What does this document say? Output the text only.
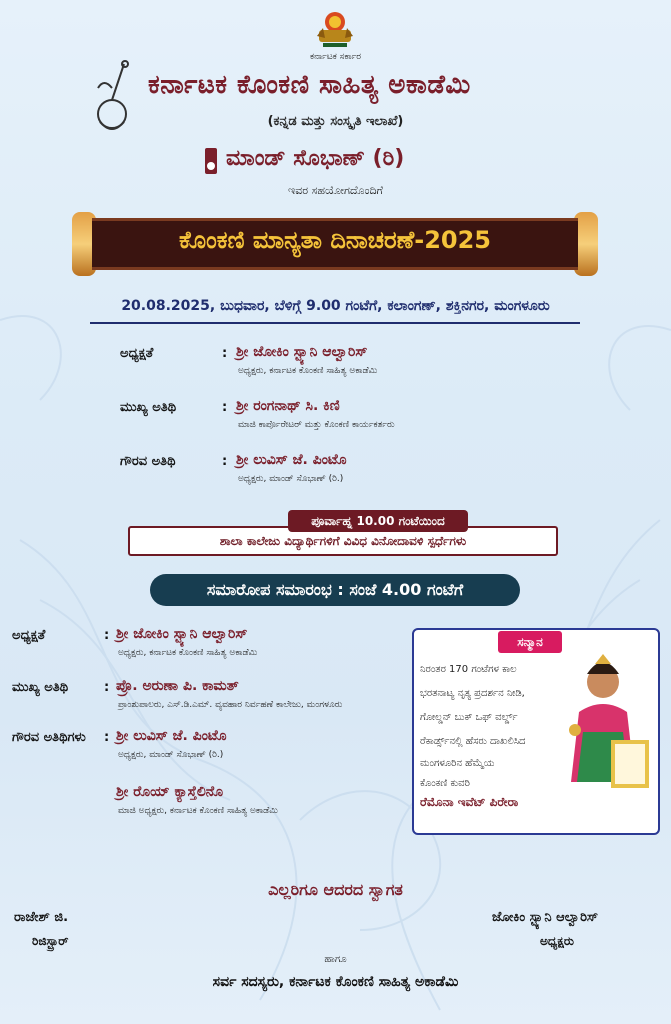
ಕರ್ನಾಟಕ ಸರ್ಕಾರ
ಕರ್ನಾಟಕ ಕೊಂಕಣಿ ಸಾಹಿತ್ಯ ಅಕಾಡೆಮಿ
(ಕನ್ನಡ ಮತ್ತು ಸಂಸ್ಕೃತಿ ಇಲಾಖೆ)
ಮಾಂಡ್ ಸೊಭಾಣ್ (ರಿ)
ಇವರ ಸಹಯೋಗದೊಂದಿಗೆ
ಕೊಂಕಣಿ ಮಾನ್ಯತಾ ದಿನಾಚರಣೆ-2025
20.08.2025, ಬುಧವಾರ, ಬೆಳಿಗ್ಗೆ 9.00 ಗಂಟೆಗೆ, ಕಲಾಂಗಣ್, ಶಕ್ತಿನಗರ, ಮಂಗಳೂರು
ಅಧ್ಯಕ್ಷತೆ	: ಶ್ರೀ ಜೋಕಿಂ ಸ್ಟ್ಯಾನಿ ಆಲ್ವಾರಿಸ್
ಅಧ್ಯಕ್ಷರು, ಕರ್ನಾಟಕ ಕೊಂಕಣಿ ಸಾಹಿತ್ಯ ಅಕಾಡೆಮಿ
ಮುಖ್ಯ ಅತಿಥಿ	: ಶ್ರೀ ರಂಗನಾಥ್ ಸಿ. ಕಿಣಿ
ಮಾಜಿ ಕಾರ್ಪೊರೇಟರ್ ಮತ್ತು ಕೊಂಕಣಿ ಕಾರ್ಯಕರ್ತರು
ಗೌರವ ಅತಿಥಿ	: ಶ್ರೀ ಲುವಿಸ್ ಜೆ. ಪಿಂಟೊ
ಅಧ್ಯಕ್ಷರು, ಮಾಂಡ್ ಸೊಭಾಣ್ (ರಿ.)
ಶಾಲಾ ಕಾಲೇಜು ವಿದ್ಯಾರ್ಥಿಗಳಿಗೆ ವಿವಿಧ ವಿನೋದಾವಳಿ ಸ್ಪರ್ಧೆಗಳು
ಪೂರ್ವಾಹ್ನ 10.00 ಗಂಟೆಯಿಂದ
ಸಮಾರೋಪ ಸಮಾರಂಭ : ಸಂಜೆ 4.00 ಗಂಟೆಗೆ
ಅಧ್ಯಕ್ಷತೆ	: ಶ್ರೀ ಜೋಕಿಂ ಸ್ಟ್ಯಾನಿ ಆಲ್ವಾರಿಸ್
ಅಧ್ಯಕ್ಷರು, ಕರ್ನಾಟಕ ಕೊಂಕಣಿ ಸಾಹಿತ್ಯ ಅಕಾಡೆಮಿ
ಮುಖ್ಯ ಅತಿಥಿ	: ಪ್ರೊ. ಅರುಣಾ ಪಿ. ಕಾಮತ್
ಪ್ರಾಂಶುಪಾಲರು, ಎಸ್.ಡಿ.ಎಮ್. ವ್ಯವಹಾರ ನಿರ್ವಹಣೆ ಕಾಲೇಜು, ಮಂಗಳೂರು
ಗೌರವ ಅತಿಥಿಗಳು : ಶ್ರೀ ಲುವಿಸ್ ಜೆ. ಪಿಂಟೊ
ಅಧ್ಯಕ್ಷರು, ಮಾಂಡ್ ಸೊಭಾಣ್ (ರಿ.)
ಶ್ರೀ ರೊಯ್ ಕ್ಯಾಸ್ತೆಲಿನೊ
ಮಾಜಿ ಅಧ್ಯಕ್ಷರು, ಕರ್ನಾಟಕ ಕೊಂಕಣಿ ಸಾಹಿತ್ಯ ಅಕಾಡೆಮಿ
ಸನ್ಮಾನ
ನಿರಂತರ 170 ಗಂಟೆಗಳ ಕಾಲ
ಭರತನಾಟ್ಯ ನೃತ್ಯ ಪ್ರದರ್ಶನ ನೀಡಿ,
ಗೋಲ್ಡನ್ ಬುಕ್ ಒಫ್ ವರ್ಲ್ಡ್
ರೆಕಾರ್ಡ್ಸ್‌ನಲ್ಲಿ ಹೆಸರು ದಾಖಲಿಸಿದ
ಮಂಗಳೂರಿನ ಹೆಮ್ಮೆಯ
ಕೊಂಕಣಿ ಕುವರಿ
ರೆಮೊನಾ ಇವೆಟ್ ಪಿರೇರಾ
ಎಲ್ಲರಿಗೂ ಆದರದ ಸ್ವಾಗತ
ರಾಜೇಶ್ ಜಿ.
ರಿಜಿಸ್ಟ್ರಾರ್
ಜೋಕಿಂ ಸ್ಟ್ಯಾನಿ ಆಲ್ವಾರಿಸ್
ಅಧ್ಯಕ್ಷರು
ಹಾಗೂ
ಸರ್ವ ಸದಸ್ಯರು, ಕರ್ನಾಟಕ ಕೊಂಕಣಿ ಸಾಹಿತ್ಯ ಅಕಾಡೆಮಿ
